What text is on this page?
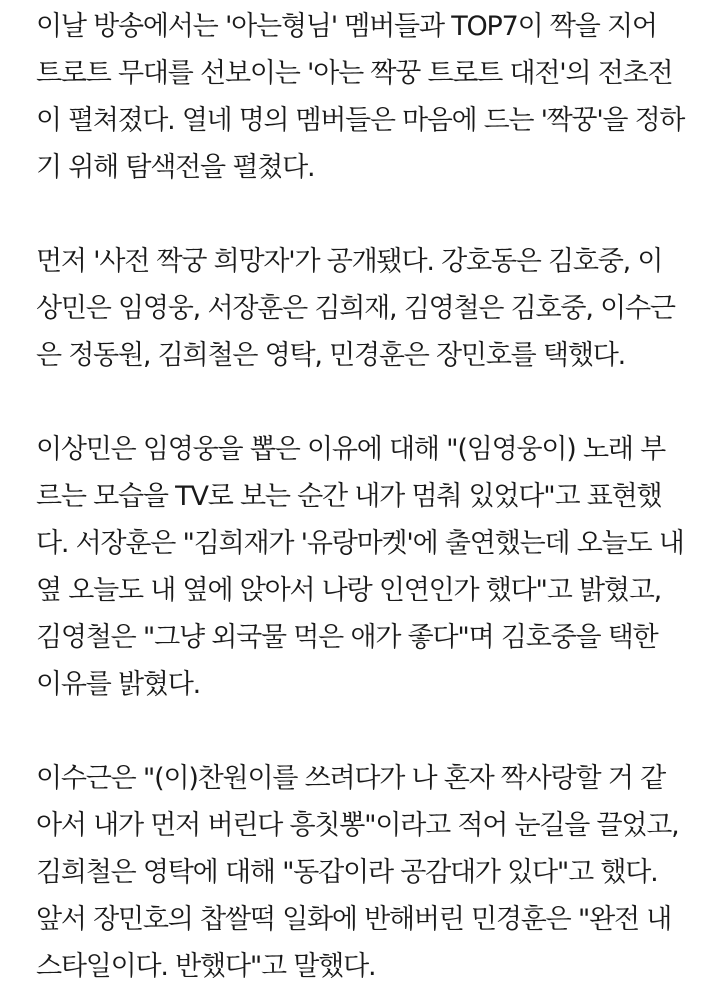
이날 방송에서는 '아는형님' 멤버들과 TOP7이 짝을 지어
트로트 무대를 선보이는 '아는 짝꿍 트로트 대전'의 전초전
이 펼쳐졌다. 열네 명의 멤버들은 마음에 드는 '짝꿍'을 정하
기 위해 탐색전을 펼쳤다.
먼저 '사전 짝궁 희망자'가 공개됐다. 강호동은 김호중, 이
상민은 임영웅, 서장훈은 김희재, 김영철은 김호중, 이수근
은 정동원, 김희철은 영탁, 민경훈은 장민호를 택했다.
이상민은 임영웅을 뽑은 이유에 대해 "(임영웅이) 노래 부
르는 모습을 TV로 보는 순간 내가 멈춰 있었다"고 표현했
다. 서장훈은 "김희재가 '유랑마켓'에 출연했는데 오늘도 내
옆 오늘도 내 옆에 앉아서 나랑 인연인가 했다"고 밝혔고,
김영철은 "그냥 외국물 먹은 애가 좋다"며 김호중을 택한
이유를 밝혔다.
이수근은 "(이)찬원이를 쓰려다가 나 혼자 짝사랑할 거 같
아서 내가 먼저 버린다 흥칫뽕"이라고 적어 눈길을 끌었고,
김희철은 영탁에 대해 "동갑이라 공감대가 있다"고 했다.
앞서 장민호의 찹쌀떡 일화에 반해버린 민경훈은 "완전 내
스타일이다. 반했다"고 말했다.
